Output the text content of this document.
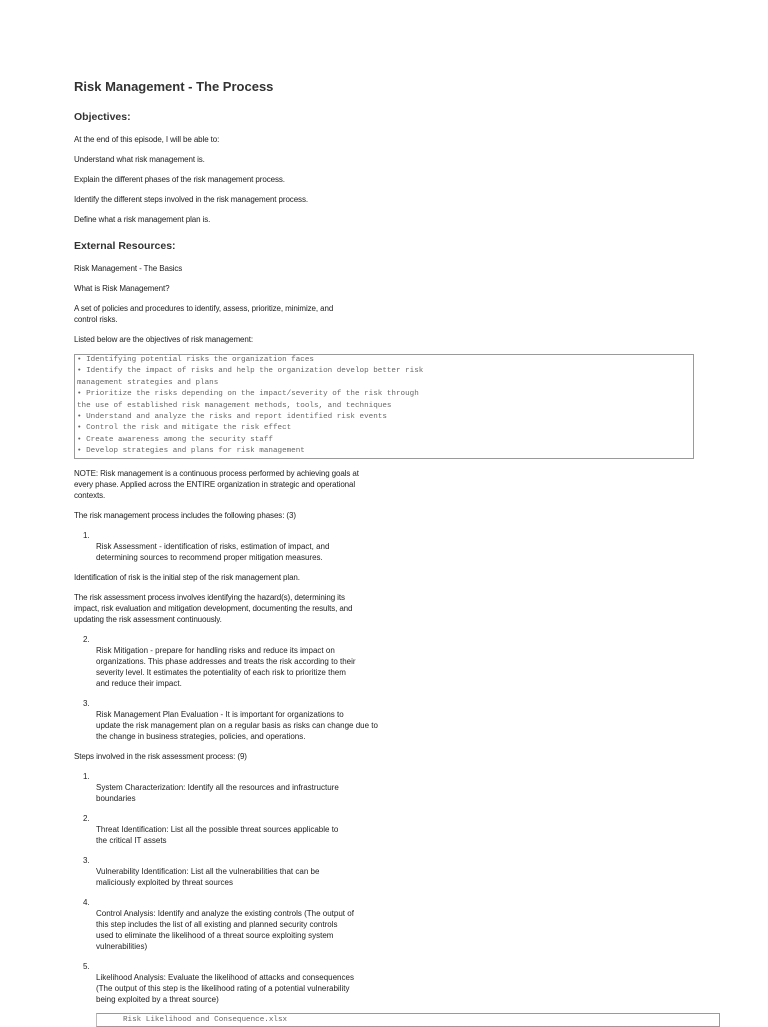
Risk Management - The Process
Objectives:

At the end of this episode, I will be able to:

Understand what risk management is.

Explain the different phases of the risk management process.

Identify the different steps involved in the risk management process.

Define what a risk management plan is.

External Resources:

Risk Management - The Basics

What is Risk Management?

A set of policies and procedures to identify, assess, prioritize, minimize, and
control risks.

Listed below are the objectives of risk management:

• Identifying potential risks the organization faces
• Identify the impact of risks and help the organization develop better risk
management strategies and plans
• Prioritize the risks depending on the impact/severity of the risk through
the use of established risk management methods, tools, and techniques
• Understand and analyze the risks and report identified risk events
• Control the risk and mitigate the risk effect
• Create awareness among the security staff
• Develop strategies and plans for risk management

NOTE: Risk management is a continuous process performed by achieving goals at
every phase. Applied across the ENTIRE organization in strategic and operational
contexts.

The risk management process includes the following phases: (3)

1.
Risk Assessment - identification of risks, estimation of impact, and
determining sources to recommend proper mitigation measures.

Identification of risk is the initial step of the risk management plan.

The risk assessment process involves identifying the hazard(s), determining its
impact, risk evaluation and mitigation development, documenting the results, and
updating the risk assessment continuously.

2.
Risk Mitigation - prepare for handling risks and reduce its impact on
organizations. This phase addresses and treats the risk according to their
severity level. It estimates the potentiality of each risk to prioritize them
and reduce their impact.

3.
Risk Management Plan Evaluation - It is important for organizations to
update the risk management plan on a regular basis as risks can change due to
the change in business strategies, policies, and operations.

Steps involved in the risk assessment process: (9)

1.
System Characterization: Identify all the resources and infrastructure
boundaries

2.
Threat Identification: List all the possible threat sources applicable to
the critical IT assets

3.
Vulnerability Identification: List all the vulnerabilities that can be
maliciously exploited by threat sources

4.
Control Analysis: Identify and analyze the existing controls (The output of
this step includes the list of all existing and planned security controls
used to eliminate the likelihood of a threat source exploiting system
vulnerabilities)

5.
Likelihood Analysis: Evaluate the likelihood of attacks and consequences
(The output of this step is the likelihood rating of a potential vulnerability
being exploited by a threat source)

Risk Likelihood and Consequence.xlsx
